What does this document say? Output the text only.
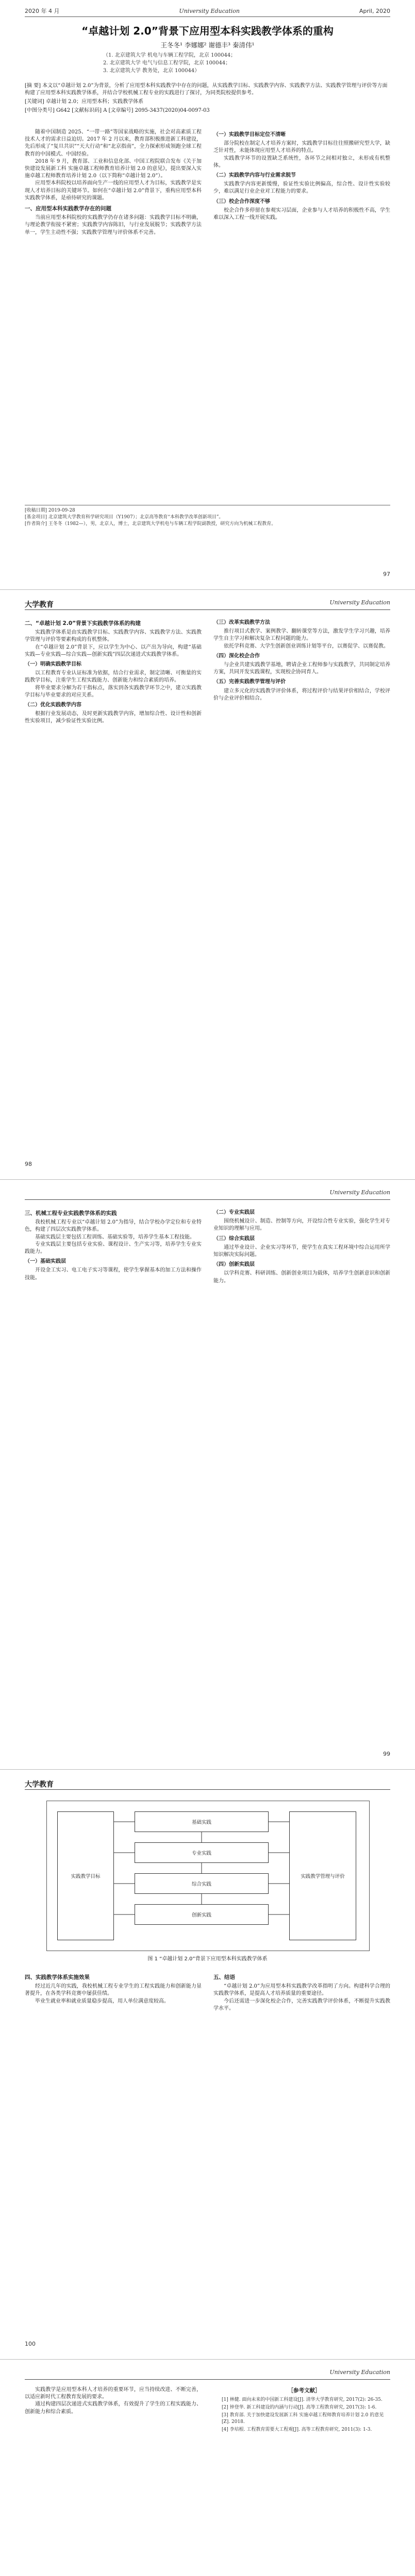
2020 年 4 月	University Education	April, 2020
“卓越计划 2.0”背景下应用型本科实践教学体系的重构
王冬冬¹ 李娜娜² 谢德丰³ 秦清伟¹
（1. 北京建筑大学 机电与车辆工程学院，北京 100044；
2. 北京建筑大学 电气与信息工程学院，北京 100044；
3. 北京建筑大学 教务处，北京 100044）

[摘 要] 本文以“卓越计划 2.0”为背景，分析了应用型本科实践教学中存在的问题，从实践教学目标、实践教学内容、实践教学方法、实践教学管理与评价等方面构建了应用型本科实践教学体系，并结合学校机械工程专业的实践进行了探讨，为同类院校提供参考。

[关键词] 卓越计划 2.0；应用型本科；实践教学体系

[中图分类号] G642 [文献标识码] A [文章编号] 2095-3437(2020)04-0097-03

随着中国制造 2025、“一带一路”等国家战略的实施，社会对高素质工程技术人才的需求日益迫切。2017 年 2 月以来，教育部积极推进新工科建设，先后形成了“复旦共识”“天大行动”和“北京指南”，全力探索形成领跑全球工程教育的中国模式、中国经验。

2018 年 9 月，教育部、工业和信息化部、中国工程院联合发布《关于加快建设发展新工科 实施卓越工程师教育培养计划 2.0 的意见》，提出要深入实施卓越工程师教育培养计划 2.0（以下简称“卓越计划 2.0”）。

应用型本科院校以培养面向生产一线的应用型人才为目标，实践教学是实现人才培养目标的关键环节。如何在“卓越计划 2.0”背景下，重构应用型本科实践教学体系，是亟待研究的课题。

一、应用型本科实践教学存在的问题

当前应用型本科院校的实践教学仍存在诸多问题：实践教学目标不明确，与理论教学衔接不紧密；实践教学内容陈旧，与行业发展脱节；实践教学方法单一，学生主动性不强；实践教学管理与评价体系不完善。

（一）实践教学目标定位不清晰

部分院校在制定人才培养方案时，实践教学目标往往照搬研究型大学，缺乏针对性，未能体现应用型人才培养的特点。

实践教学环节的设置缺乏系统性，各环节之间相对独立，未形成有机整体。

（二）实践教学内容与行业需求脱节

实践教学内容更新缓慢，验证性实验比例偏高，综合性、设计性实验较少，难以满足行业企业对工程能力的要求。

（三）校企合作深度不够

校企合作多停留在参观实习层面，企业参与人才培养的积极性不高，学生难以深入工程一线开展实践。

[收稿日期] 2019-09-28

[基金项目] 北京建筑大学教育科学研究项目（Y1907）；北京高等教育“本科教学改革创新项目”。

[作者简介] 王冬冬（1982—），男，北京人，博士，北京建筑大学机电与车辆工程学院副教授，研究方向为机械工程教育。

97
大学教育	University Education
二、“卓越计划 2.0”背景下实践教学体系的构建

实践教学体系是由实践教学目标、实践教学内容、实践教学方法、实践教学管理与评价等要素构成的有机整体。

在“卓越计划 2.0”背景下，应以学生为中心、以产出为导向，构建“基础实践—专业实践—综合实践—创新实践”四层次递进式实践教学体系。

（一）明确实践教学目标

以工程教育专业认证标准为依据，结合行业需求，制定清晰、可衡量的实践教学目标，注重学生工程实践能力、创新能力和综合素质的培养。

将毕业要求分解为若干指标点，落实到各实践教学环节之中，建立实践教学目标与毕业要求的对应关系。

（二）优化实践教学内容

根据行业发展动态，及时更新实践教学内容，增加综合性、设计性和创新性实验项目，减少验证性实验比例。

（三）改革实践教学方法

推行项目式教学、案例教学、翻转课堂等方法，激发学生学习兴趣，培养学生自主学习和解决复杂工程问题的能力。

依托学科竞赛、大学生创新创业训练计划等平台，以赛促学、以赛促教。

（四）深化校企合作

与企业共建实践教学基地，聘请企业工程师参与实践教学，共同制定培养方案，共同开发实践课程，实现校企协同育人。

（五）完善实践教学管理与评价

建立多元化的实践教学评价体系，将过程评价与结果评价相结合，学校评价与企业评价相结合。

98
University Education
三、机械工程专业实践教学体系的实践

我校机械工程专业以“卓越计划 2.0”为指导，结合学校办学定位和专业特色，构建了四层次实践教学体系。

基础实践层主要包括工程训练、基础实验等，培养学生基本工程技能。

专业实践层主要包括专业实验、课程设计、生产实习等，培养学生专业实践能力。

（一）基础实践层

开设金工实习、电工电子实习等课程，使学生掌握基本的加工方法和操作技能。

（二）专业实践层

围绕机械设计、制造、控制等方向，开设综合性专业实验，强化学生对专业知识的理解与应用。

（三）综合实践层

通过毕业设计、企业实习等环节，使学生在真实工程环境中综合运用所学知识解决实际问题。

（四）创新实践层

以学科竞赛、科研训练、创新创业项目为载体，培养学生创新意识和创新能力。

99
大学教育
实践教学目标
基础实践
专业实践
综合实践
创新实践
实践教学管理与评价
图 1 “卓越计划 2.0”背景下应用型本科实践教学体系
四、实践教学体系实施效果

经过近几年的实践，我校机械工程专业学生的工程实践能力和创新能力显著提升，在各类学科竞赛中屡获佳绩。

毕业生就业率和就业质量稳步提高，用人单位满意度较高。

五、结语

“卓越计划 2.0”为应用型本科实践教学改革指明了方向。构建科学合理的实践教学体系，是提高人才培养质量的重要途径。

今后还需进一步深化校企合作，完善实践教学评价体系，不断提升实践教学水平。

100
University Education

实践教学是应用型本科人才培养的重要环节，应当持续改进、不断完善，以适应新时代工程教育发展的要求。

通过构建四层次递进式实践教学体系，有效提升了学生的工程实践能力、创新能力和综合素质。

［参考文献］

[1] 林健. 面向未来的中国新工科建设[J]. 清华大学教育研究, 2017(2): 26-35.

[2] 钟登华. 新工科建设的内涵与行动[J]. 高等工程教育研究, 2017(3): 1-6.

[3] 教育部. 关于加快建设发展新工科 实施卓越工程师教育培养计划 2.0 的意见[Z]. 2018.

[4] 李培根. 工程教育需要大工程观[J]. 高等工程教育研究, 2011(3): 1-3.
